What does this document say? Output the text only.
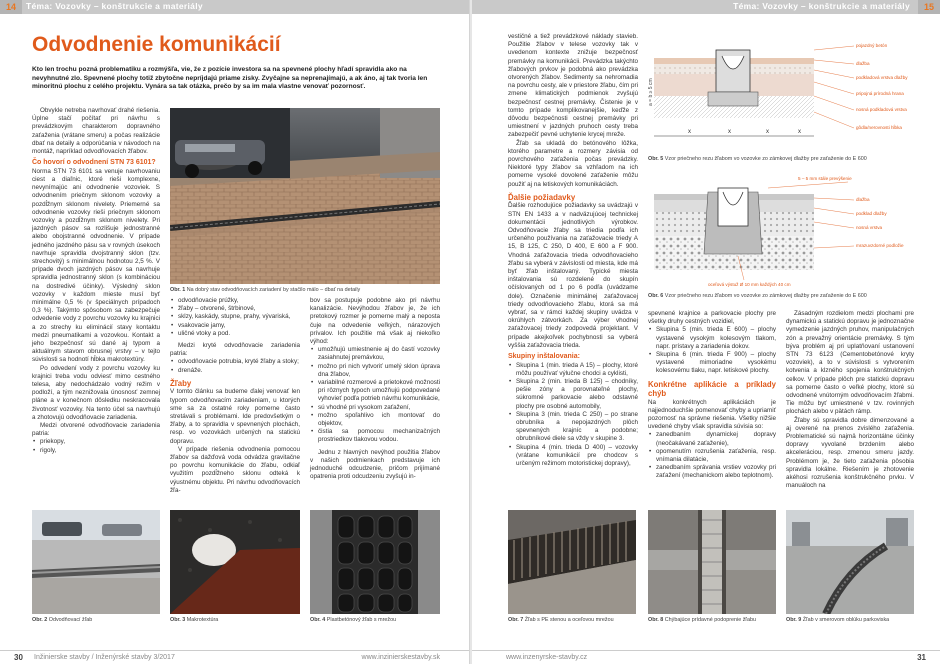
14	Téma: Vozovky – konštrukcie a materiály
Odvodnenie komunikácií
Kto len trochu pozná problematiku a rozmýšľa, vie, že z pozície investora sa na spevnené plochy hľadí spravidla ako na nevyhnutné zlo. Spevnené plochy totiž zbytočne nepríjdajú priame zisky. Zvyčajne sa neprenajímajú, a ak áno, aj tak tvoria len minoritnú plochu z celého projektu. Vynára sa tak otázka, prečo by sa im mala vlastne venovať pozornosť.

Obvykle netreba navrhovať drahé riešenia. Úplne stačí počítať pri návrhu s prevádzkovým charakterom dopravného zaťaženia (vrátane smeru) a počas realizácie dbať na detaily a odporúčania v návodoch na montáž, napríklad odvodňovacích žľabov.

Čo hovorí o odvodnení STN 73 6101?

Norma STN 73 6101 sa venuje navrhovaniu ciest a diaľnic, ktoré rieši komplexne, nevynímajúc ani odvodnenie vozoviek. S odvodnením priečnym sklonom vozovky a pozdĺžnym sklonom nivelety. Priemerné sa odvodnenie vozovky rieši priečnym sklonom vozovky a pozdĺžnym sklonom nivelety. Pri jazdných pásov sa rozlišuje jednostranné alebo obojstranné odvodnenie. V prípade jedného jazdného pásu sa v rovných úsekoch navrhuje spravidla dvojstranný sklon (tzv. strechovitý) s minimálnou hodnotou 2,5 %. V prípade dvoch jazdných pásov sa navrhuje spravidla jednostranný sklon (s kombináciou na dostredivé účinky). Výsledný sklon vozovky v každom mieste musí byť minimálne 0,5 % (v špeciálnych prípadoch 0,3 %). Takýmto spôsobom sa zabezpečuje odvedenie vody z povrchu vozovky ku krajnici a zo strechy ku eliminácií stavy kontaktu medzi pneumatikami a vozovkou. Kontakt a jeho bezpečnosť sú dané aj typom a aktuálnym stavom obrusnej vrstvy – v tejto súvislosti sa hodnotí hĺbka makrotextúry.

Po odvedení vody z povrchu vozovky ku krajnici treba vodu odviesť mimo cestného telesa, aby nedochádzalo vodný režim v podloží, a tým neznižovala únosnosť zemnej pláne a v konečnom dôsledku neskracovala životnosť vozovky. Na tento účel sa navrhujú a zhotovujú odvodňovacie zariadenia.

Medzi otvorené odvodňovacie zariadenia patria:

• priekopy,
• rigoly,
Obr. 1 Na dobrý stav odvodňovacích zariadení by stačilo málo – dbať na detaily
• odvodňovacie prúžky,
• žľaby – otvorené, štrbinové,
• sklzy, kaskády, stupne, prahy, vývariská,
• vsakovacie jamy,
• uličné vtoky a pod.

Medzi kryté odvodňovacie zariadenia patria:

• odvodňovacie potrubia, kryté žľaby a stoky;
• drenáže.
Žľaby

V tomto článku sa budeme ďalej venovať len typom odvodňovacím zariadeniam, u ktorých sme sa za ostatné roky pomerne často stretávali s problémami. Ide predovšetkým o žľaby, a to spravidla v spevnených plochách, resp. vo vozovkách určených na statickú dopravu.

V prípade riešenia odvodnenia pomocou žľabov sa dažďová voda odvádza gravitačne po povrchu komunikácie do žľabu, odkiaľ využitím pozdĺžneho sklonu odteká k výustnému objektu. Pri návrhu odvodňovacích žľa-

bov sa postupuje podobne ako pri návrhu kanalizácie. Nevýhodou žľabov je, že ich pretokový rozmer je pomerne malý a neposta čuje na odvedenie veľkých, nárazových prívalov. Ich použitie má však aj niekoľko výhod:

• umožňujú umiestnenie aj do častí vozovky zasiahnutej premávkou,
• možno pri nich vytvoriť umelý sklon úprava dna žľabov,
• variabilné rozmerové a prietokové možnosti pri rôznych typoch umožňujú podpovedané vyhovieť podľa potrieb návrhu komunikácie,
• sú vhodné pri vysokom zaťažení,
• možno spoľahlivo ich montovať do objektov,
• čistia sa pomocou mechanizačných prostriedkov tlakovou vodou.

Jednu z hlavných nevýhod použitia žľabov v našich podmienkach predstavuje ich jednoduché odcudzenie, pričom prijímané opatrenia proti odcudzeniu zvyšujú in-

Obr. 2 Odvodňovací žľab	Obr. 3 Makrotextúra	Obr. 4 Plastbetónový žľab s mrežou
30 Inžinierske stavby / Inženýrské stavby 3/2017	www.inzinierskestavby.sk
Téma: Vozovky – konštrukcie a materiály	15

vestičné a tiež prevádzkové náklady stavieb. Použitie žľabov v telese vozovky tak v uvedenom kontexte znižuje bezpečnosť premávky na komunikácii. Prevádzka takýchto žľabových prvkov je podobná ako prevádzka otvorených žľabov. Sedimenty sa nehromadia na povrchu cesty, ale v priestore žľabu, čím pri zmene klimatických podmienok zvyšujú bezpečnosť cestnej premávky. Čistenie je v tomto prípade komplikovanejšie, keďže z dôvodu bezpečnosti cestnej premávky pri umiestnení v jazdných pruhoch cesty treba zabezpečiť pevné uchytenie krycej mreže.

Žľab sa ukladá do betónového lôžka, ktorého parametre a rozmery závisia od povrchového zaťaženia počas prevádzky. Niektoré typy žľabov sa vzhľadom na ich pomerne vysoké dovolené zaťaženie môžu použiť aj na letiskových komunikáciách.

Ďalšie požiadavky

Ďalšie rozhodujúce požiadavky sa uvádzajú v STN EN 1433 a v nadväzujúcej technickej dokumentácii jednotlivých výrobkov. Odvodňovacie žľaby sa triedia podľa ich určeného používania na zaťažovacie triedy A 15, B 125, C 250, D 400, E 600 a F 900. Vhodná zaťažovacia trieda odvodňovacieho žľabu sa vyberá v závislosti od miesta, kde má byť žľab inštalovaný. Typické miesta inštalovania sú rozdelené do skupín očíslovaných od 1 po 6 podľa (uvádzame dole). Označenie minimálnej zaťažovacej triedy odvodňovacieho žľabu, ktorá sa má vybrať, sa v rámci každej skupiny uvádza v okrúhlych zátvorkách. Za výber vhodnej zaťažovacej triedy zodpovedá projektant. V prípade akejkoľvek pochybnosti sa vyberá vyššia zaťažovacia trieda.

Skupiny inštalovania:
• Skupina 1 (min. trieda A 15) – plochy, ktoré môžu používať výlučne chodci a cyklisti,
• Skupina 2 (min. trieda B 125) – chodníky, pešie zóny a porovnateľné plochy, súkromné parkovacie alebo odstavné plochy pre osobné automobily,
• Skupina 3 (min. trieda C 250) – po strane obrubníka a nepojazdných plôch spevnených krajníc a podobne; obrubníkové diele sa vždy v skupine 3.
• Skupina 4 (min. trieda D 400) – vozovky (vrátane komunikácií pre chodcov s určeným režimom motoristickej dopravy),
x	x	x	x
a = b ≥ 5 cm
pojazdný betón
dlažba
podkladová vrstva dlažby
pripojná prírodná hrana
nosná podkladová vrstva
gôdla/nerovnosti hĺbka
Obr. 5 Vzor priečneho rezu žľabom vo vozovke zo zámkovej dlažby pre zaťaženie do E 600
5 – 5 mm stále prevýšenie
dlažba
podklad dlažby
nosná vrstva
mrazuvzdorné podložie
oceľová výstuž Ø 10 mm každých 40 cm
Obr. 6 Vzor priečneho rezu žľabom vo vozovke zo zámkovej dlažby pre zaťaženie do E 600

spevnené krajnice a parkovacie plochy pre všetky druhy cestných vozidiel,

• Skupina 5 (min. trieda E 600) – plochy vystavené vysokým kolesovým tlakom, napr. prístavy a zariadenia dokov.
• Skupina 6 (min. trieda F 900) – plochy vystavené mimoriadne vysokému kolesovému tlaku, napr. letiskové plochy.
Konkrétne aplikácie a príklady chýb

Na konkrétnych aplikáciách je najjednoduchšie pomenovať chyby a upriamiť pozornosť na správne riešenia. Všetky nižšie uvedené chyby však spravidla súvisia so:

• zanedbaním dynamickej dopravy (neočakávané zaťaženie),
• opomenutím rozrušenia zaťaženia, resp. vnímania dilatácie,
• zanedbaním správania vrstiev vozovky pri zaťažení (mechanickom alebo teplotnom).

Zásadným rozdielom medzi plochami pre dynamickú a statickú dopravu je jednoznačne vymedzenie jazdných pruhov, manipulačných zón a prevažný orientácie premávky. S tým býva problém aj pri uplatňovaní ustanovení STN 73 6123 (Cementobetónové kryty vozoviek), a to v súvislosti s vytvorením kotvenia a klzného spojenia konštrukčných celkov. V prípade plôch pre statickú dopravu sa pomerne často o veľké plochy, ktoré sú odvodnené vnútorným odvodňovacím žľabmi. Tie môžu byť umiestnené v tzv. rovinných plochách alebo v pätách rámp.

Žľaby sú spravidla dobre dimenzované a aj overené na prenos zvislého zaťaženia. Problematické sú najmä horizontálne účinky dopravy vyvolané brzdením alebo akceleráciou, resp. zmenou smeru jazdy. Problémom je, že tieto zaťaženia pôsobia spravidla lokálne. Riešením je zhotovenie akéhosi rozrušenia konštrukčného prvku. V manuáloch na

Obr. 7 Žľab s PE stenou a oceľovou mrežou	Obr. 8 Chýbajúce prídavné podoprenie žľabu	Obr. 9 Žľab v smerovom oblúku parkoviska
www.inzenyrske-stavby.cz	31
